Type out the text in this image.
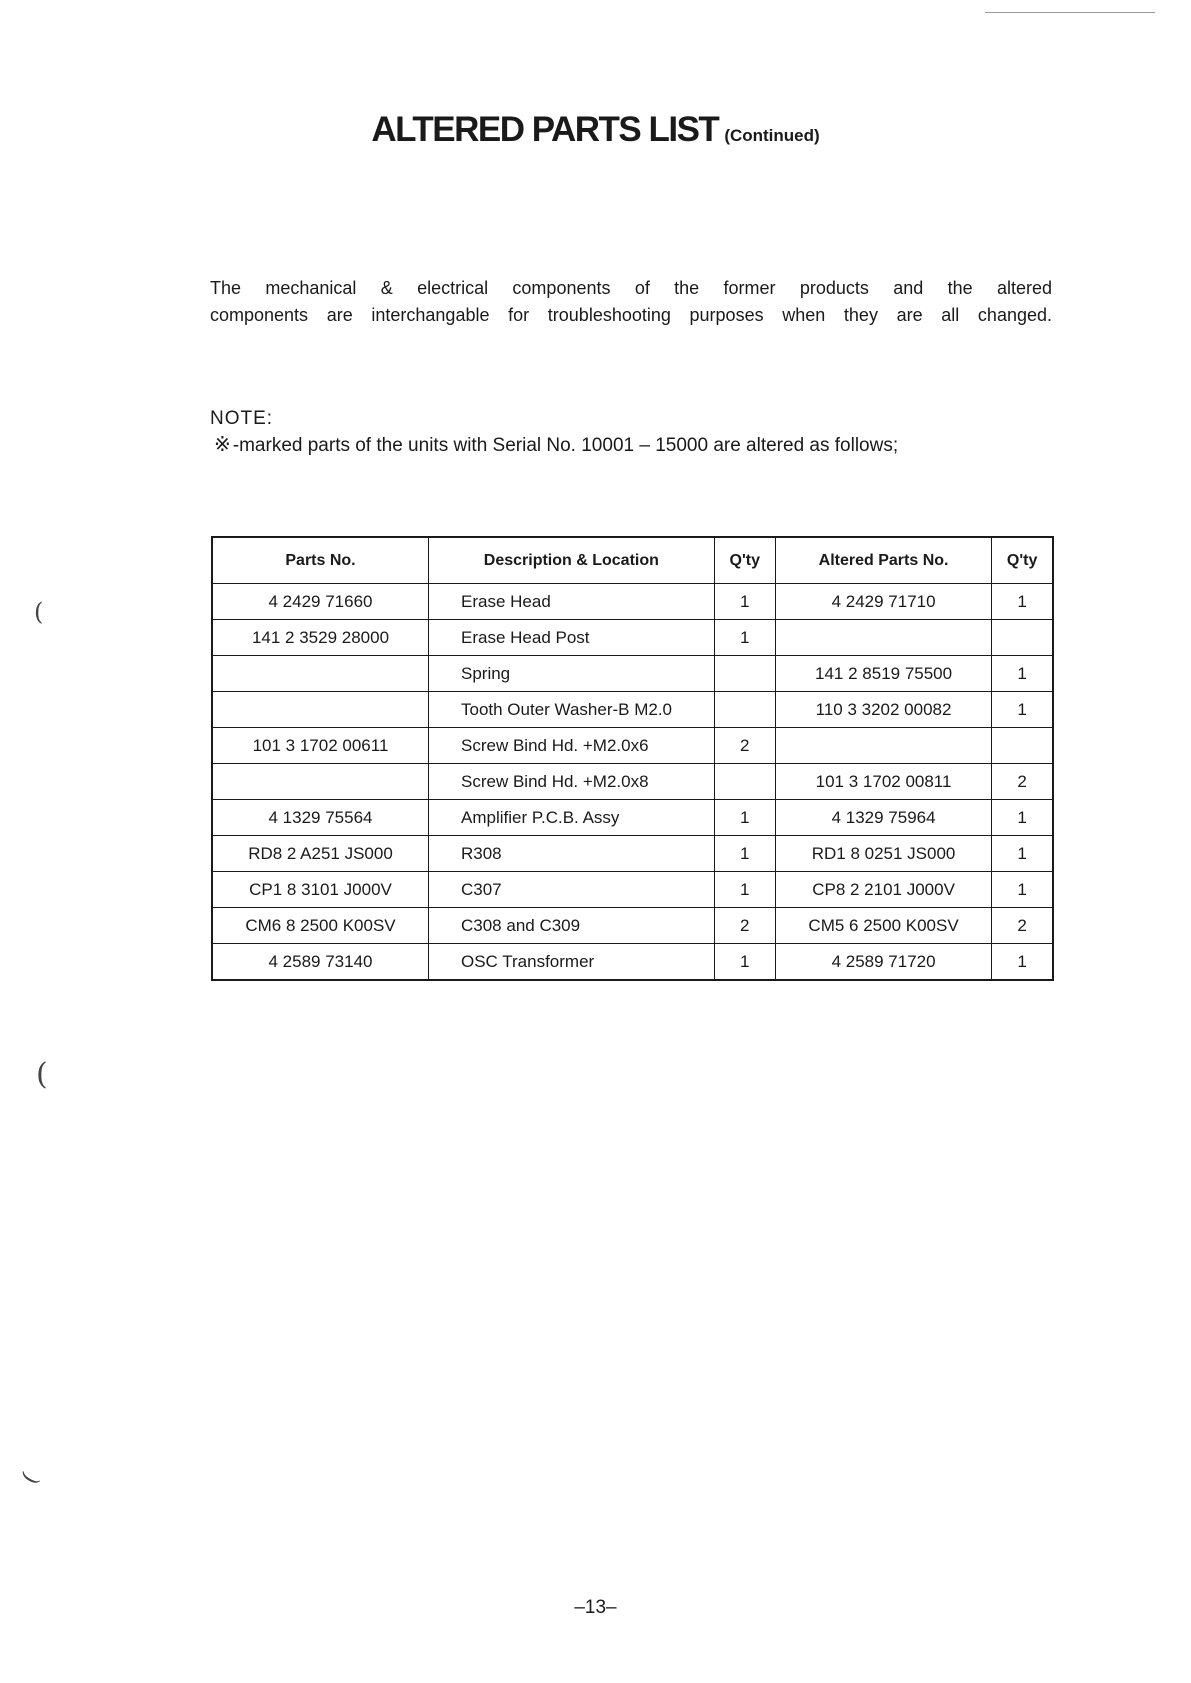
(
(
(
ALTERED PARTS LIST (Continued)

The mechanical & electrical components of the former products and the altered
components are interchangable for troubleshooting purposes when they are all changed.

NOTE:

※ -marked parts of the units with Serial No. 10001 – 15000 are altered as follows;

Parts No.	Description & Location	Q'ty	Altered Parts No.	Q'ty
4 2429 71660	Erase Head	1	4 2429 71710	1
141 2 3529 28000	Erase Head Post	1		
	Spring		141 2 8519 75500	1
	Tooth Outer Washer-B M2.0		110 3 3202 00082	1
101 3 1702 00611	Screw Bind Hd. +M2.0x6	2		
	Screw Bind Hd. +M2.0x8		101 3 1702 00811	2
4 1329 75564	Amplifier P.C.B. Assy	1	4 1329 75964	1
RD8 2 A251 JS000	R308	1	RD1 8 0251 JS000	1
CP1 8 3101 J000V	C307	1	CP8 2 2101 J000V	1
CM6 8 2500 K00SV	C308 and C309	2	CM5 6 2500 K00SV	2
4 2589 73140	OSC Transformer	1	4 2589 71720	1

–13–
